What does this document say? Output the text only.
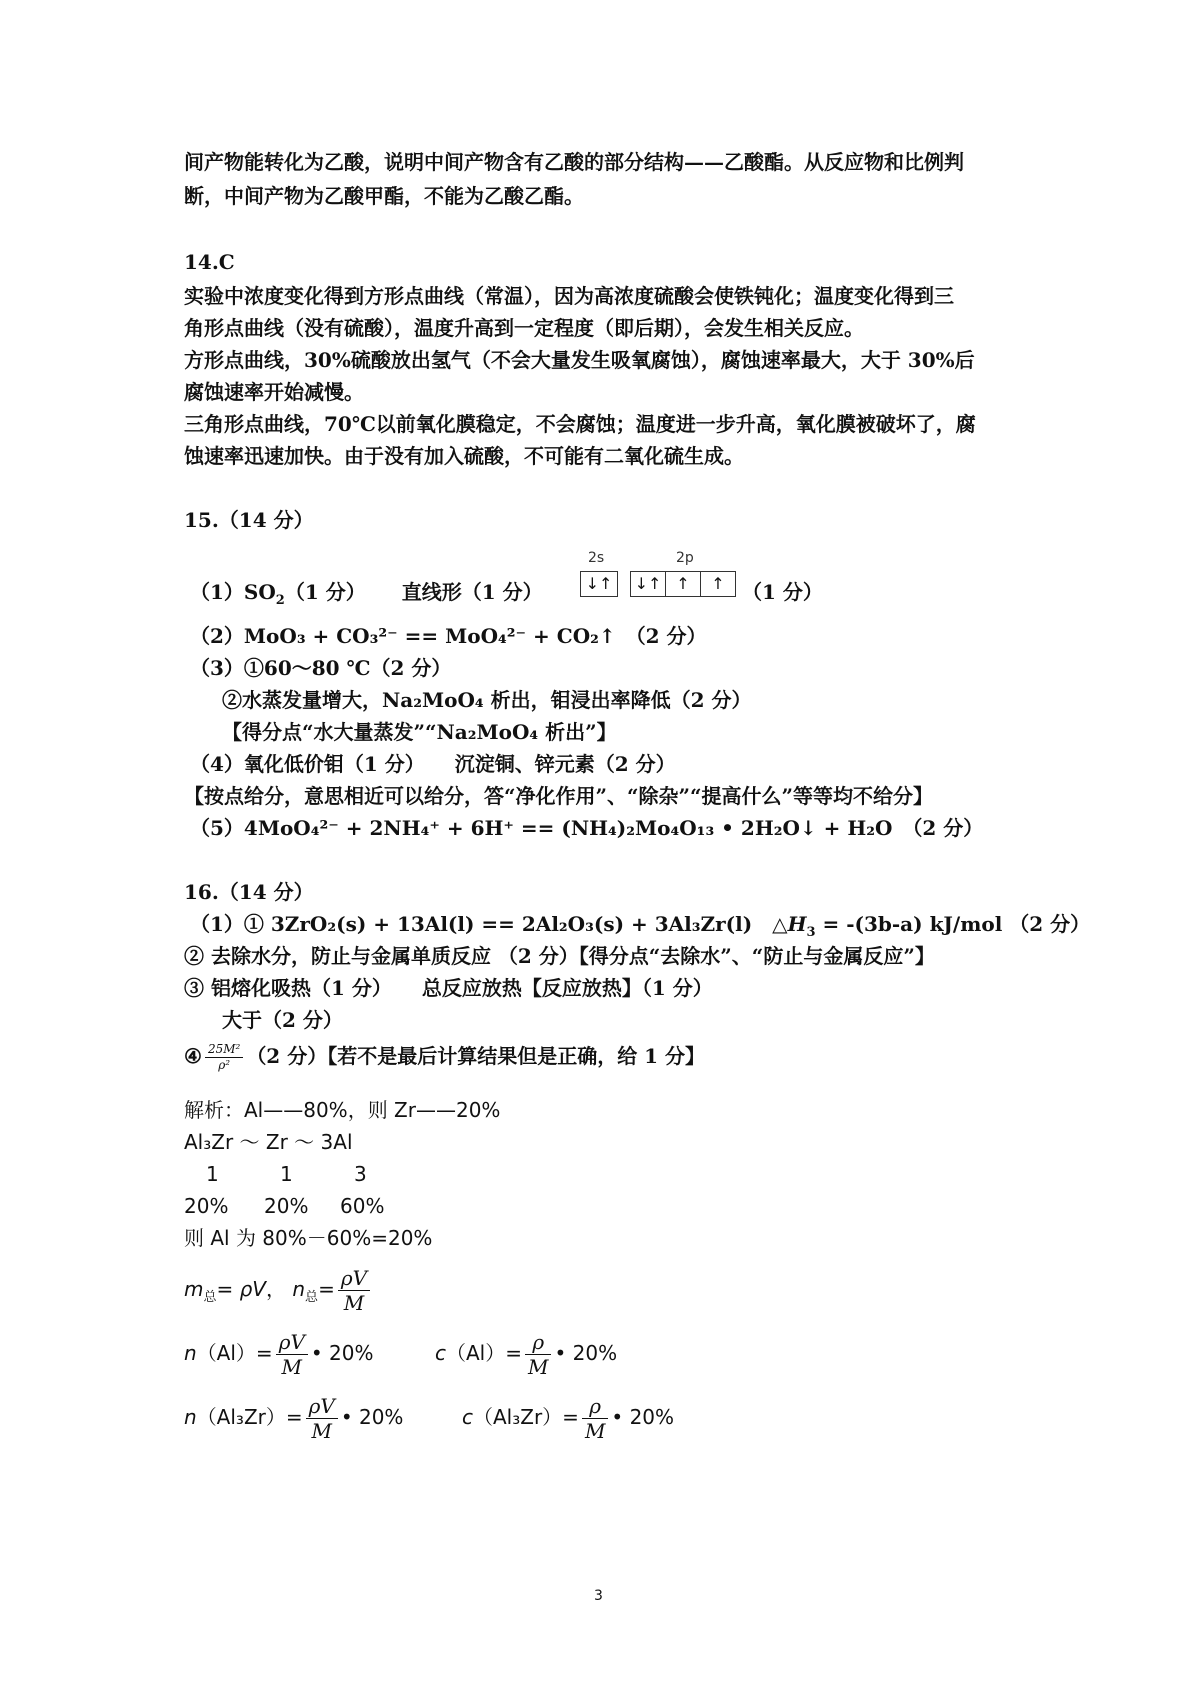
间产物能转化为乙酸，说明中间产物含有乙酸的部分结构——乙酸酯。从反应物和比例判
断，中间产物为乙酸甲酯，不能为乙酸乙酯。
14.C
实验中浓度变化得到方形点曲线（常温），因为高浓度硫酸会使铁钝化；温度变化得到三
角形点曲线（没有硫酸），温度升高到一定程度（即后期），会发生相关反应。
方形点曲线，30%硫酸放出氢气（不会大量发生吸氧腐蚀），腐蚀速率最大，大于 30%后
腐蚀速率开始减慢。
三角形点曲线，70℃以前氧化膜稳定，不会腐蚀；温度进一步升高，氧化膜被破坏了，腐
蚀速率迅速加快。由于没有加入硫酸，不可能有二氧化硫生成。
15.（14 分）
2s	2p
↓↑	↓↑ ↑	↑
$(1)SO_2(1$ 分） 直线形（1 分）	（1 分）
（2）MoO₃ + CO₃²⁻ == MoO₄²⁻ + CO₂↑　（2 分）
（3）①60～80 ℃（2 分）
②水蒸发量增大，Na₂MoO₄ 析出，钼浸出率降低（2 分）
【得分点“水大量蒸发”“Na₂MoO₄ 析出”】
（4）氧化低价钼（1 分）　　沉淀铜、锌元素（2 分）
【按点给分，意思相近可以给分，答“净化作用”、“除杂”“提高什么”等等均不给分】
（5）4MoO₄²⁻ + 2NH₄⁺ + 6H⁺ == (NH₄)₂Mo₄O₁₃ • 2H₂O↓ + H₂O　（2 分）
16.（14 分）
（1）① 3ZrO₂(s) + 13Al(l) == 2Al₂O₃(s) + 3Al₃Zr(l)　$\triangle H_3 = -(3b-a)$ kJ/mol （2 分）
② 去除水分，防止与金属单质反应 （2 分）【得分点“去除水”、“防止与金属反应”】
③ 铝熔化吸热（1 分）　　总反应放热【反应放热】（1 分）
大于（2 分）
④ $\frac{\text{25M²}}{\text{ρ²}} (2$ 分）【若不是最后计算结果但是正确，给 1 分】
解析：Al——80%，则 Zr——20%
Al₃Zr ～ Zr ～ 3Al
1	1	3
20% 20% 60%
则 Al 为 80%－60%=20%
$m_总= \rho V$， $n_总= \frac{\rho V}{M}$
$n(Al)= \frac{\rho V}{M}$ • 20%	$c(Al)= \frac{\rho}{M}$ • 20%
$n(Al_3Zr)= \frac{\rho V}{M}$ • 20%	$c(Al_3Zr)= \frac{\rho}{M}$ • 20%
3
